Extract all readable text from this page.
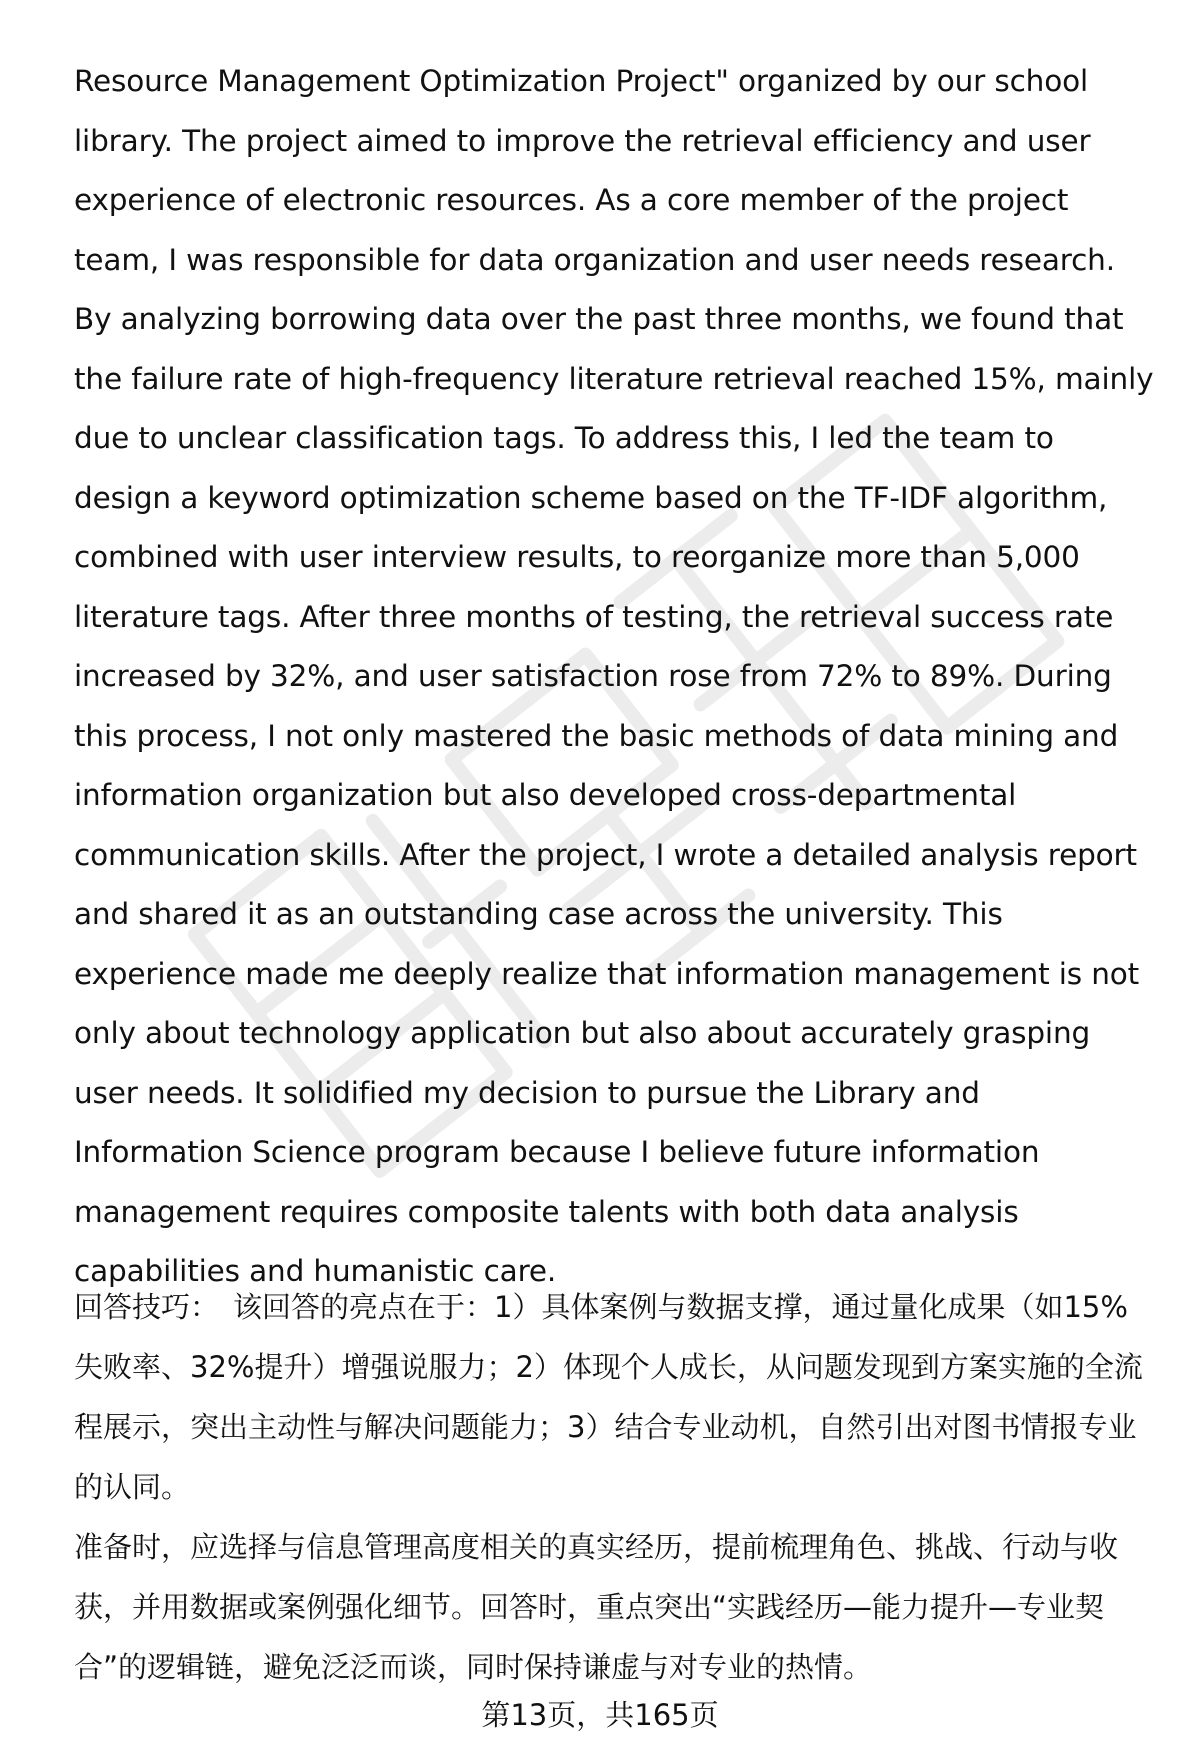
Resource Management Optimization Project" organized by our school library. The project aimed to improve the retrieval efficiency and user experience of electronic resources. As a core member of the project team, I was responsible for data organization and user needs research. By analyzing borrowing data over the past three months, we found that the failure rate of high-frequency literature retrieval reached 15%, mainly due to unclear classification tags. To address this, I led the team to design a keyword optimization scheme based on the TF-IDF algorithm, combined with user interview results, to reorganize more than 5,000 literature tags. After three months of testing, the retrieval success rate increased by 32%, and user satisfaction rose from 72% to 89%. During this process, I not only mastered the basic methods of data mining and information organization but also developed cross-departmental communication skills. After the project, I wrote a detailed analysis report and shared it as an outstanding case across the university. This experience made me deeply realize that information management is not only about technology application but also about accurately grasping user needs. It solidified my decision to pursue the Library and Information Science program because I believe future information management requires composite talents with both data analysis capabilities and humanistic care.

回答技巧： 该回答的亮点在于：1）具体案例与数据支撑，通过量化成果（如15%失败率、32%提升）增强说服力；2）体现个人成长，从问题发现到方案实施的全流程展示，突出主动性与解决问题能力；3）结合专业动机，自然引出对图书情报专业的认同。

准备时，应选择与信息管理高度相关的真实经历，提前梳理角色、挑战、行动与收获，并用数据或案例强化细节。回答时，重点突出“实践经历—能力提升—专业契合”的逻辑链，避免泛泛而谈，同时保持谦虚与对专业的热情。

第13页，共165页
